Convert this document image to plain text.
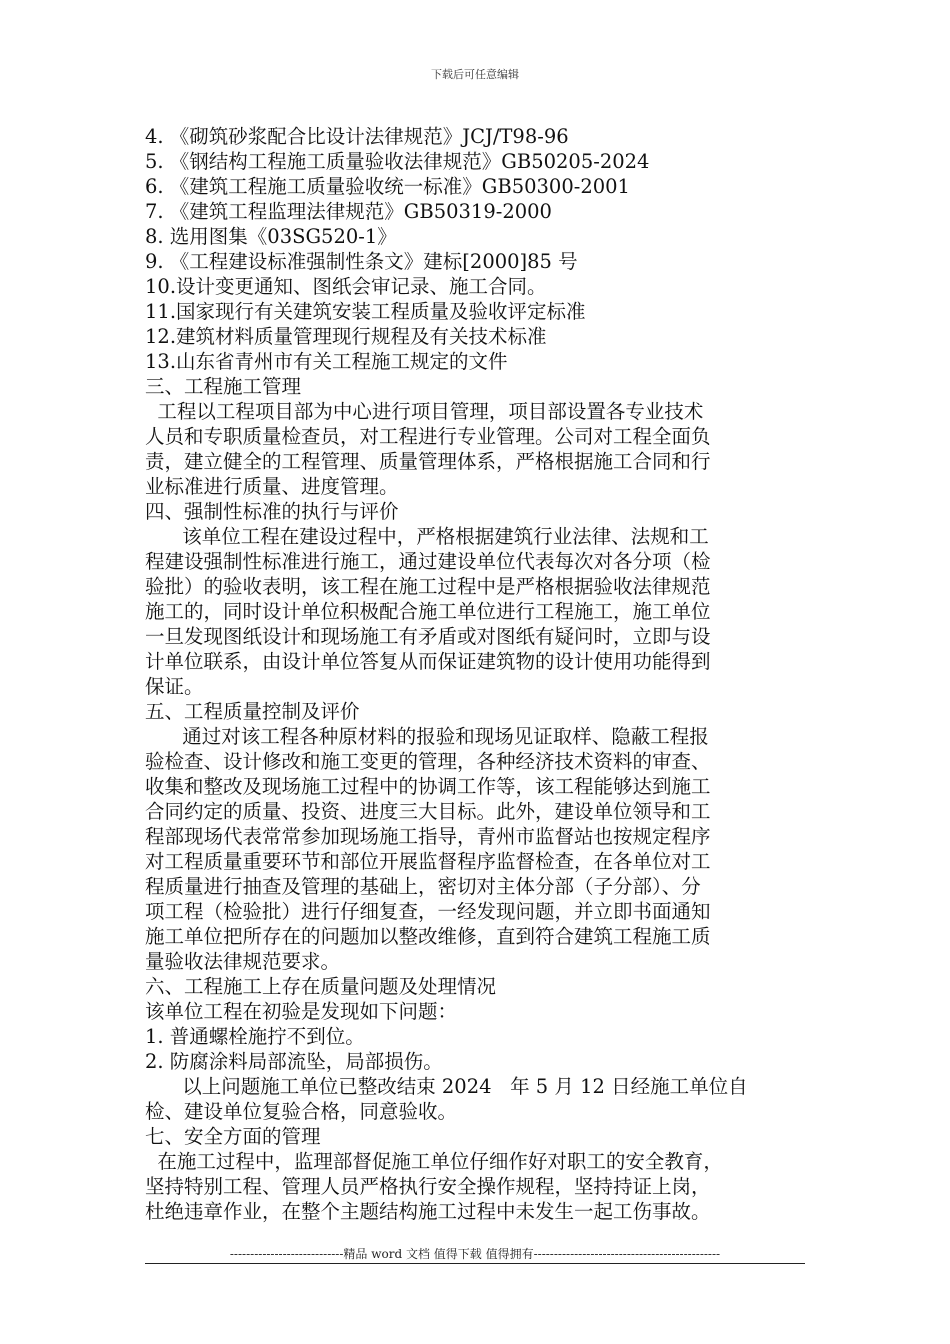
下载后可任意编辑
4. 《砌筑砂浆配合比设计法律规范》JCJ/T98-96
5. 《钢结构工程施工质量验收法律规范》GB50205-2024
6. 《建筑工程施工质量验收统一标准》GB50300-2001
7. 《建筑工程监理法律规范》GB50319-2000
8. 选用图集《03SG520-1》
9. 《工程建设标准强制性条文》建标[2000]85 号
10.设计变更通知、图纸会审记录、施工合同。
11.国家现行有关建筑安装工程质量及验收评定标准
12.建筑材料质量管理现行规程及有关技术标准
13.山东省青州市有关工程施工规定的文件
三、工程施工管理
工程以工程项目部为中心进行项目管理，项目部设置各专业技术
人员和专职质量检查员，对工程进行专业管理。公司对工程全面负
责，建立健全的工程管理、质量管理体系，严格根据施工合同和行
业标准进行质量、进度管理。
四、强制性标准的执行与评价
该单位工程在建设过程中，严格根据建筑行业法律、法规和工
程建设强制性标准进行施工，通过建设单位代表每次对各分项（检
验批）的验收表明，该工程在施工过程中是严格根据验收法律规范
施工的，同时设计单位积极配合施工单位进行工程施工，施工单位
一旦发现图纸设计和现场施工有矛盾或对图纸有疑问时，立即与设
计单位联系，由设计单位答复从而保证建筑物的设计使用功能得到
保证。
五、工程质量控制及评价
通过对该工程各种原材料的报验和现场见证取样、隐蔽工程报
验检查、设计修改和施工变更的管理，各种经济技术资料的审查、
收集和整改及现场施工过程中的协调工作等，该工程能够达到施工
合同约定的质量、投资、进度三大目标。此外，建设单位领导和工
程部现场代表常常参加现场施工指导，青州市监督站也按规定程序
对工程质量重要环节和部位开展监督程序监督检查，在各单位对工
程质量进行抽查及管理的基础上，密切对主体分部（子分部）、分
项工程（检验批）进行仔细复查，一经发现问题，并立即书面通知
施工单位把所存在的问题加以整改维修，直到符合建筑工程施工质
量验收法律规范要求。
六、工程施工上存在质量问题及处理情况
该单位工程在初验是发现如下问题：
1. 普通螺栓施拧不到位。
2. 防腐涂料局部流坠，局部损伤。
以上问题施工单位已整改结束 2024   年 5 月 12 日经施工单位自
检、建设单位复验合格，同意验收。
七、安全方面的管理
在施工过程中，监理部督促施工单位仔细作好对职工的安全教育，
坚持特别工程、管理人员严格执行安全操作规程，坚持持证上岗，
杜绝违章作业，在整个主题结构施工过程中未发生一起工伤事故。
----------------------------精品 word 文档 值得下载 值得拥有----------------------------------------------
